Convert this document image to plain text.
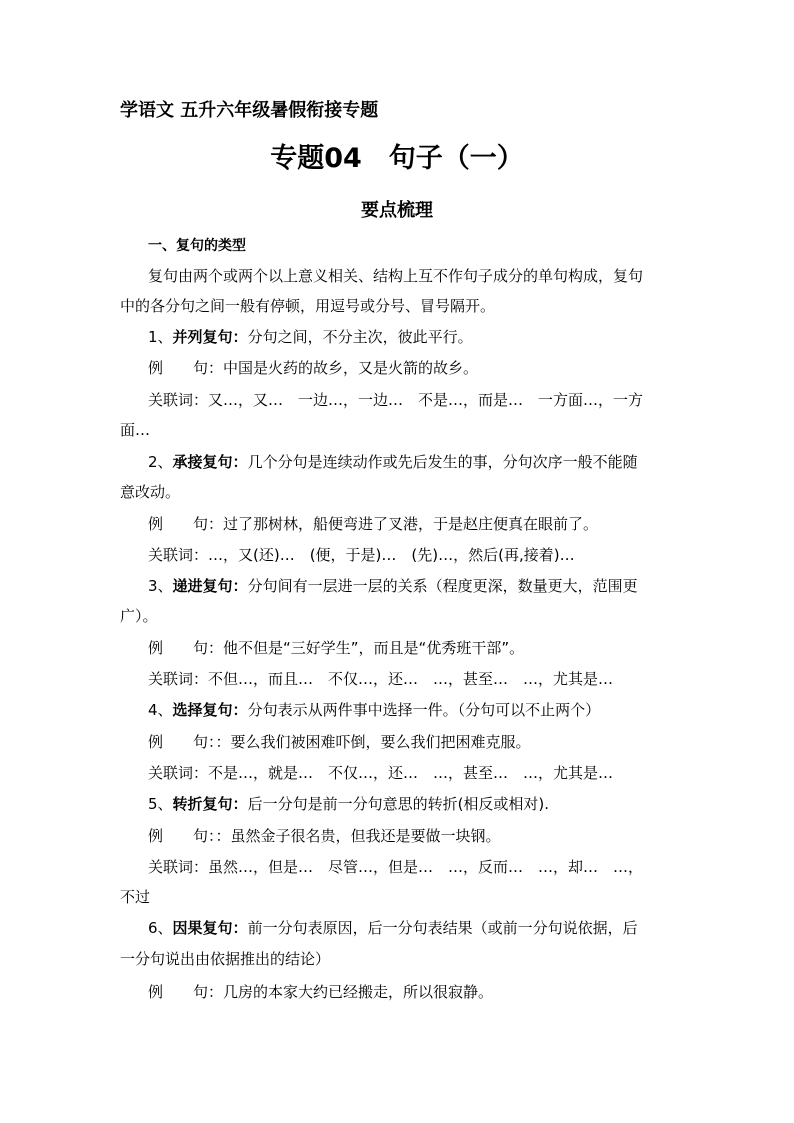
学语文 五升六年级暑假衔接专题
专题04　句子（一）
要点梳理
一、复句的类型
复句由两个或两个以上意义相关、结构上互不作句子成分的单句构成，复句
中的各分句之间一般有停顿，用逗号或分号、冒号隔开。
1、并列复句：分句之间，不分主次，彼此平行。
例　　句：中国是火药的故乡，又是火箭的故乡。
关联词：又…，又…　一边…，一边…　不是…，而是…　一方面…，一方
面…
2、承接复句：几个分句是连续动作或先后发生的事，分句次序一般不能随
意改动。
例　　句：过了那树林，船便弯进了叉港，于是赵庄便真在眼前了。
关联词：…，又(还)…　(便，于是)…　(先)…，然后(再,接着)…
3、递进复句：分句间有一层进一层的关系（程度更深，数量更大，范围更
广）。
例　　句：他不但是“三好学生”，而且是“优秀班干部”。
关联词：不但…，而且…　不仅…，还…　…，甚至…　…，尤其是…
4、选择复句：分句表示从两件事中选择一件。（分句可以不止两个）
例　　句：：要么我们被困难吓倒，要么我们把困难克服。
关联词：不是…，就是…　不仅…，还…　…，甚至…　…，尤其是…
5、转折复句：后一分句是前一分句意思的转折(相反或相对).
例　　句：：虽然金子很名贵，但我还是要做一块钢。
关联词：虽然…，但是…　尽管…，但是…　…，反而…　…，却…　…，
不过
6、因果复句：前一分句表原因，后一分句表结果（或前一分句说依据，后
一分句说出由依据推出的结论）
例　　句：几房的本家大约已经搬走，所以很寂静。
